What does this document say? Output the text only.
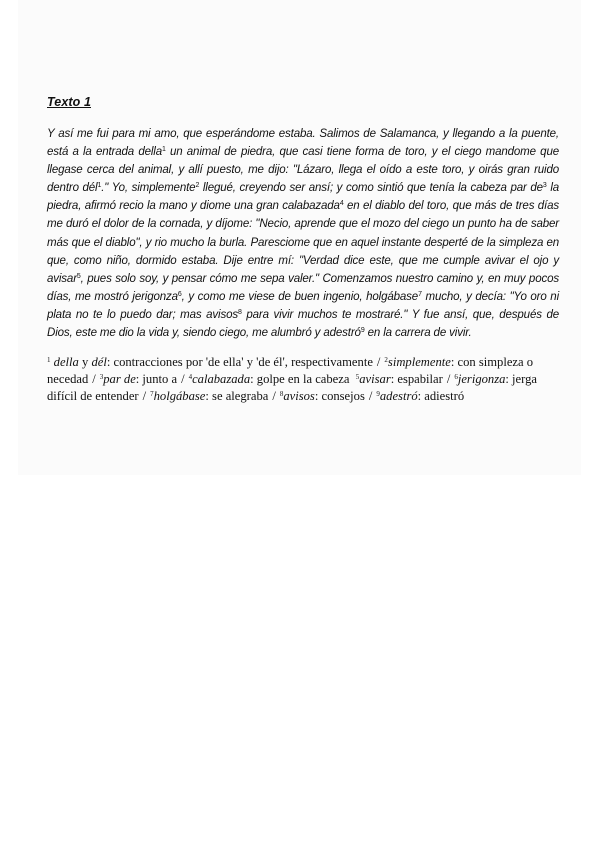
Texto 1

Y así me fui para mi amo, que esperándome estaba. Salimos de Salamanca, y llegando a la puente, está a la entrada della$^1$ un animal de piedra, que casi tiene forma de toro, y el ciego mandome que llegase cerca del animal, y allí puesto, me dijo: "Lázaro, llega el oído a este toro, y oirás gran ruido dentro dél$^1$." Yo, simplemente$^2$ llegué, creyendo ser ansí; y como sintió que tenía la cabeza par $de^3$ la piedra, afirmó recio la mano y diome una gran calabazada$^4$ en el diablo del toro, que más de tres días me duró el dolor de la cornada, y díjome: "Necio, aprende que el mozo del ciego un punto ha de saber más que el diablo", y rio mucho la burla. Paresciome que en aquel instante desperté de la simpleza en que, como niño, dormido estaba. Dije entre mí: "Verdad dice este, que me cumple avivar el ojo y avisar$^5$, pues solo soy, y pensar cómo me sepa valer." Comenzamos nuestro camino y, en muy pocos días, me mostró jerigonza$^6$, y como me viese de buen ingenio, holgábase$^7$ mucho, y decía: "Yo oro ni plata no te lo puedo dar; mas avisos$^8$ para vivir muchos te mostraré." Y fue ansí, que, después de Dios, este me dio la vida y, siendo ciego, me alumbró y adestró$^9$ en la carrera de vivir.

$^1$ della y dél: contracciones por 'de ella' y 'de él', respectivamente / $^2$simplemente: con simpleza o necedad / $^3$par de: junto a / $^4$calabazada: golpe en la cabeza $^5$avisar: espabilar / $^6$jerigonza: jerga difícil de entender / $^7$holgábase: se alegraba / $^8$avisos: consejos / $^9$adestró: adiestró
